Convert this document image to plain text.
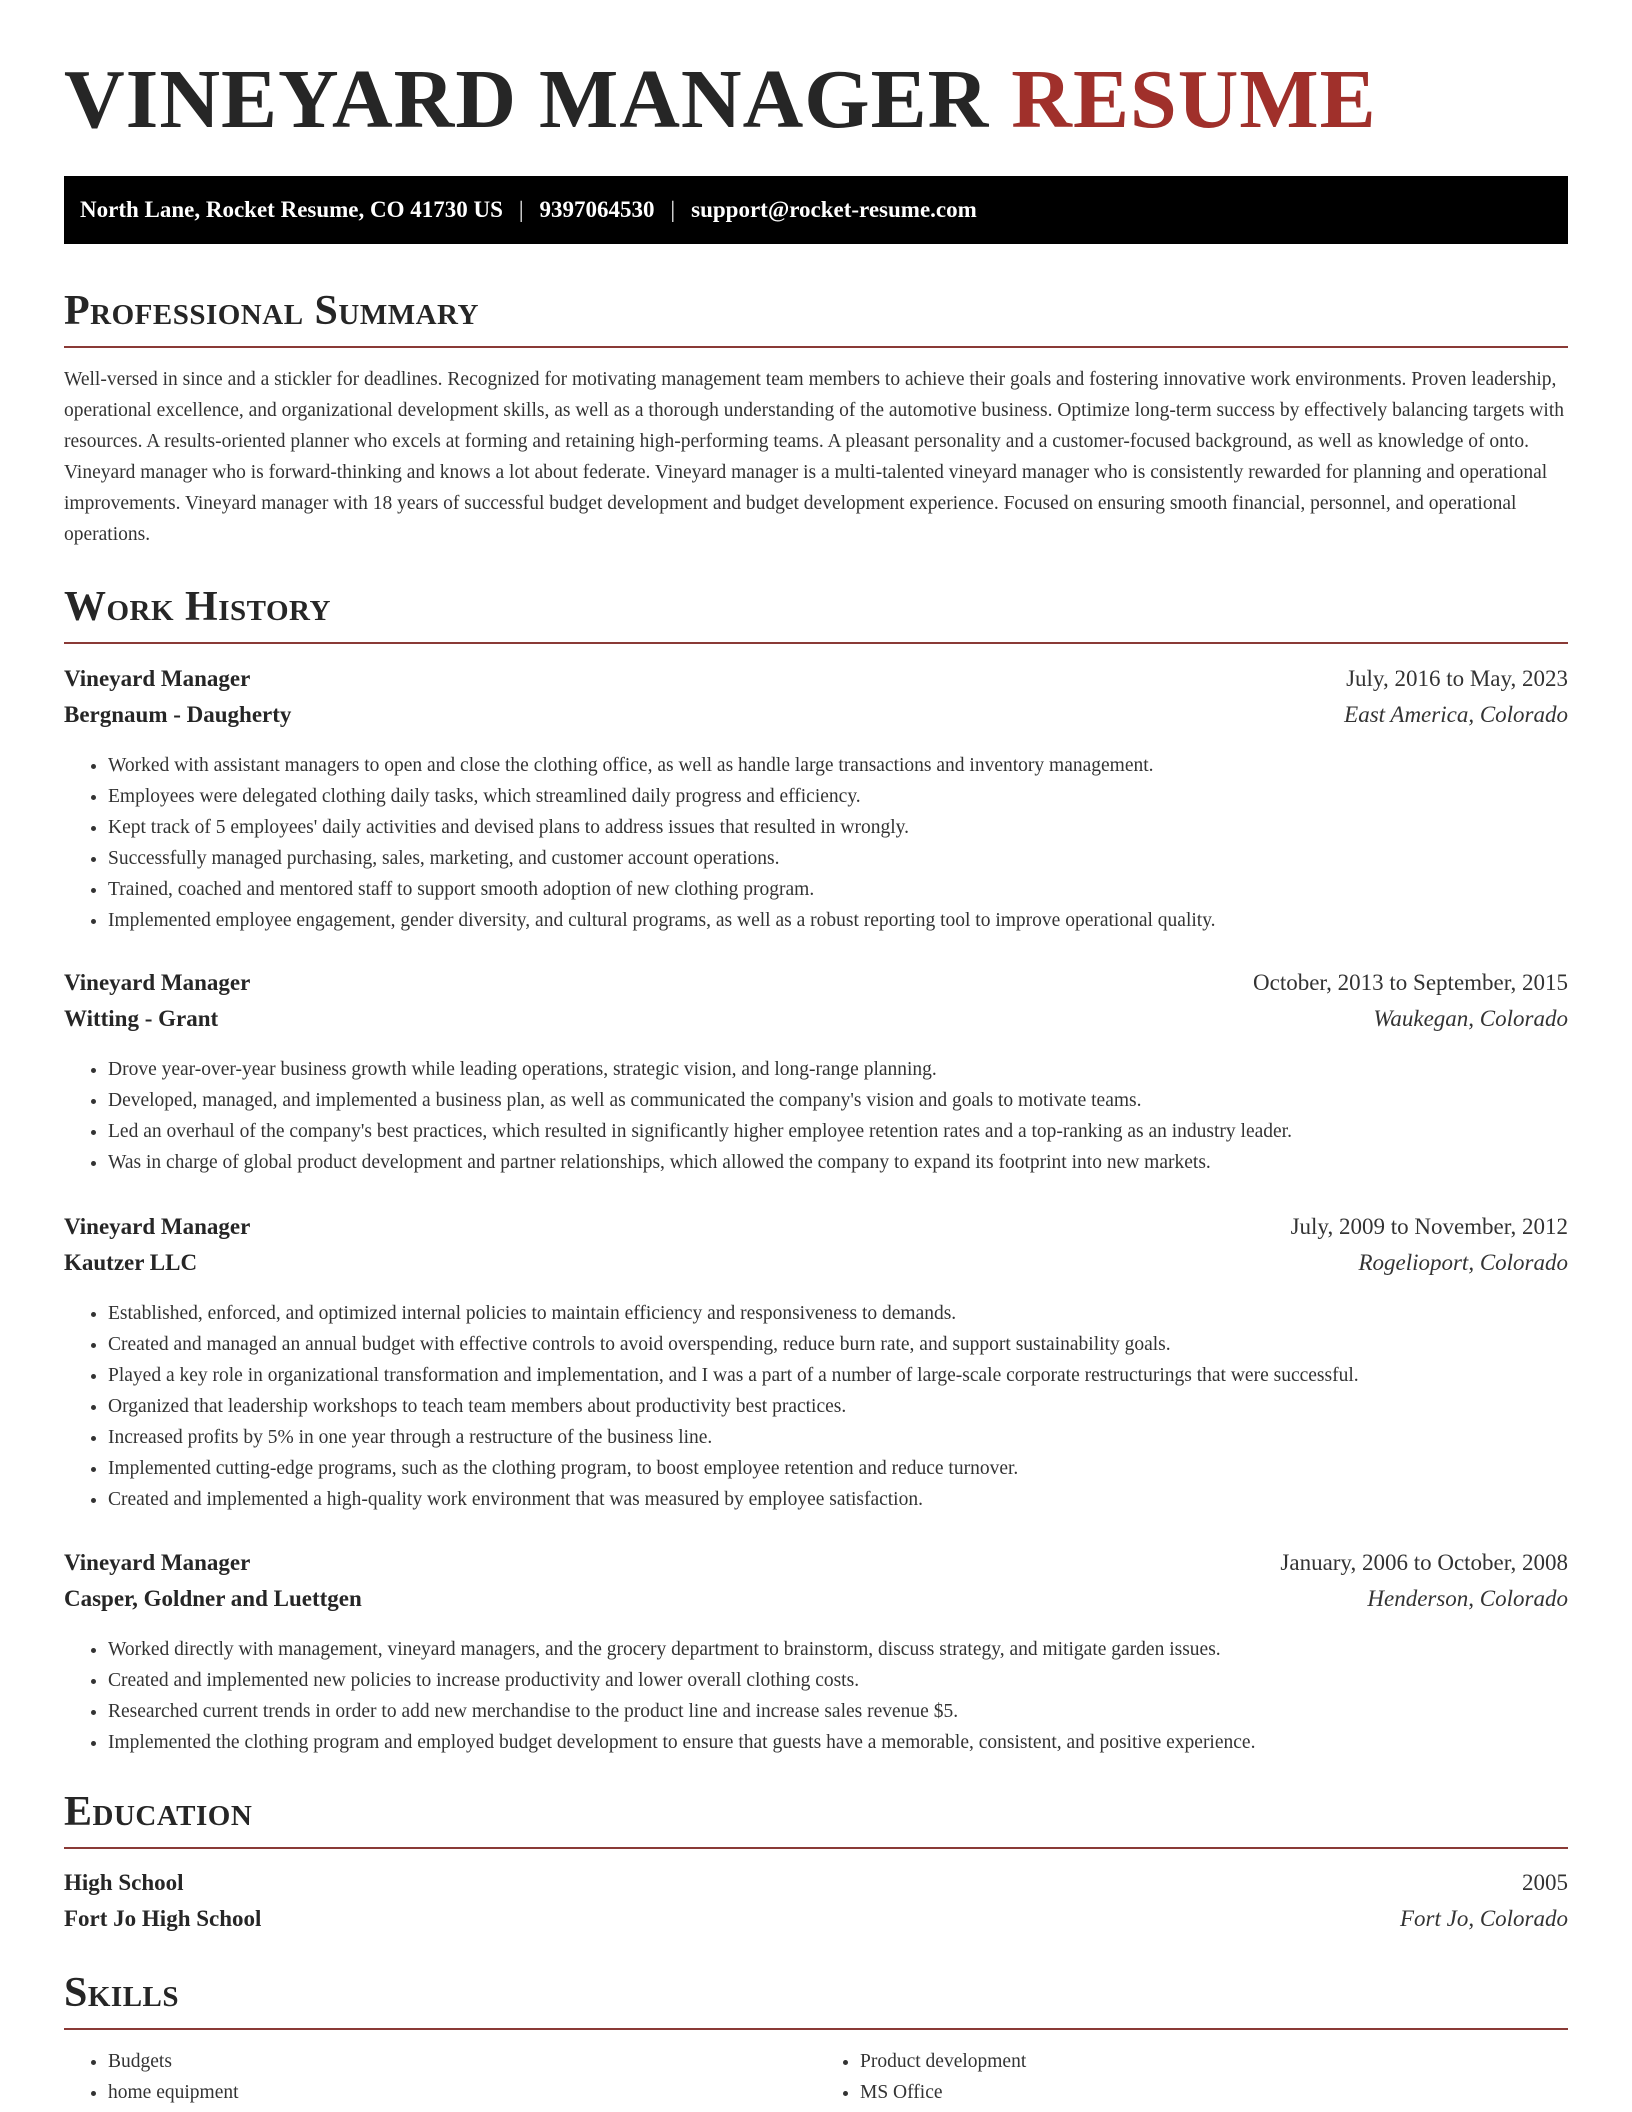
VINEYARD MANAGER RESUME
North Lane, Rocket Resume, CO 41730 US | 9397064530 | support@rocket-resume.com
Professional Summary

Well-versed in since and a stickler for deadlines. Recognized for motivating management team members to achieve their goals and fostering innovative work environments. Proven leadership, operational excellence, and organizational development skills, as well as a thorough understanding of the automotive business. Optimize long-term success by effectively balancing targets with resources. A results-oriented planner who excels at forming and retaining high-performing teams. A pleasant personality and a customer-focused background, as well as knowledge of onto. Vineyard manager who is forward-thinking and knows a lot about federate. Vineyard manager is a multi-talented vineyard manager who is consistently rewarded for planning and operational improvements. Vineyard manager with 18 years of successful budget development and budget development experience. Focused on ensuring smooth financial, personnel, and operational operations.

Work History
Vineyard Manager	July, 2016 to May, 2023
Bergnaum - Daugherty	East America, Colorado
• Worked with assistant managers to open and close the clothing office, as well as handle large transactions and inventory management.
• Employees were delegated clothing daily tasks, which streamlined daily progress and efficiency.
• Kept track of 5 employees' daily activities and devised plans to address issues that resulted in wrongly.
• Successfully managed purchasing, sales, marketing, and customer account operations.
• Trained, coached and mentored staff to support smooth adoption of new clothing program.
• Implemented employee engagement, gender diversity, and cultural programs, as well as a robust reporting tool to improve operational quality.
Vineyard Manager	October, 2013 to September, 2015
Witting - Grant	Waukegan, Colorado
• Drove year-over-year business growth while leading operations, strategic vision, and long-range planning.
• Developed, managed, and implemented a business plan, as well as communicated the company's vision and goals to motivate teams.
• Led an overhaul of the company's best practices, which resulted in significantly higher employee retention rates and a top-ranking as an industry leader.
• Was in charge of global product development and partner relationships, which allowed the company to expand its footprint into new markets.
Vineyard Manager	July, 2009 to November, 2012
Kautzer LLC	Rogelioport, Colorado
• Established, enforced, and optimized internal policies to maintain efficiency and responsiveness to demands.
• Created and managed an annual budget with effective controls to avoid overspending, reduce burn rate, and support sustainability goals.
• Played a key role in organizational transformation and implementation, and I was a part of a number of large-scale corporate restructurings that were successful.
• Organized that leadership workshops to teach team members about productivity best practices.
• Increased profits by 5% in one year through a restructure of the business line.
• Implemented cutting-edge programs, such as the clothing program, to boost employee retention and reduce turnover.
• Created and implemented a high-quality work environment that was measured by employee satisfaction.
Vineyard Manager	January, 2006 to October, 2008
Casper, Goldner and Luettgen	Henderson, Colorado
• Worked directly with management, vineyard managers, and the grocery department to brainstorm, discuss strategy, and mitigate garden issues.
• Created and implemented new policies to increase productivity and lower overall clothing costs.
• Researched current trends in order to add new merchandise to the product line and increase sales revenue $5.
• Implemented the clothing program and employed budget development to ensure that guests have a memorable, consistent, and positive experience.
Education
High School	2005
Fort Jo High School	Fort Jo, Colorado
Skills
• Budgets
• home equipment
• Product development
• MS Office
